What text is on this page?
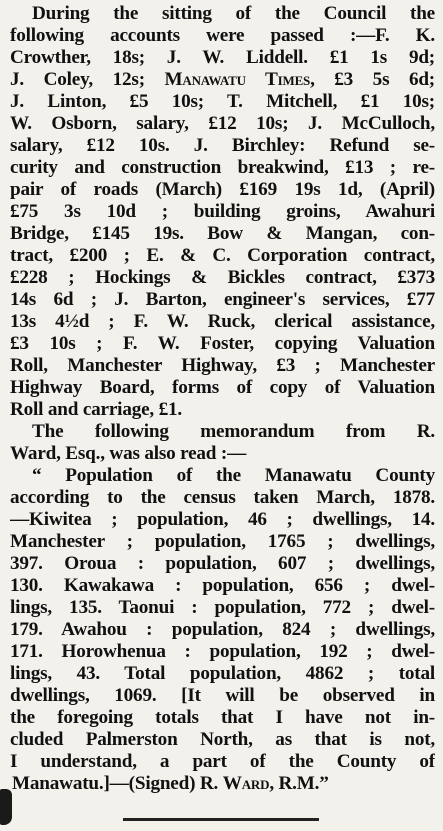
During the sitting of the Council the
following accounts were passed :—F. K.
Crowther, 18s; J. W. Liddell. £1 1s 9d;
J. Coley, 12s; Manawatu Times, £3 5s 6d;
J. Linton, £5 10s; T. Mitchell, £1 10s;
W. Osborn, salary, £12 10s; J. McCulloch,
salary, £12 10s. J. Birchley: Refund se-
curity and construction breakwind, £13 ; re-
pair of roads (March) £169 19s 1d, (April)
£75 3s 10d ; building groins, Awahuri
Bridge, £145 19s. Bow & Mangan, con-
tract, £200 ; E. & C. Corporation contract,
£228 ; Hockings & Bickles contract, £373
14s 6d ; J. Barton, engineer's services, £77
13s 4½d ; F. W. Ruck, clerical assistance,
£3 10s ; F. W. Foster, copying Valuation
Roll, Manchester Highway, £3 ; Manchester
Highway Board, forms of copy of Valuation
Roll and carriage, £1.

The following memorandum from R.
Ward, Esq., was also read :—

“ Population of the Manawatu County
according to the census taken March, 1878.
—Kiwitea ; population, 46 ; dwellings, 14.
Manchester ; population, 1765 ; dwellings,
397. Oroua : population, 607 ; dwellings,
130. Kawakawa : population, 656 ; dwel-
lings, 135. Taonui : population, 772 ; dwel-
179. Awahou : population, 824 ; dwellings,
171. Horowhenua : population, 192 ; dwel-
lings, 43. Total population, 4862 ; total
dwellings, 1069. [It will be observed in
the foregoing totals that I have not in-
cluded Palmerston North, as that is not,
I understand, a part of the County of
Manawatu.]—(Signed) R. Ward, R.M.”
